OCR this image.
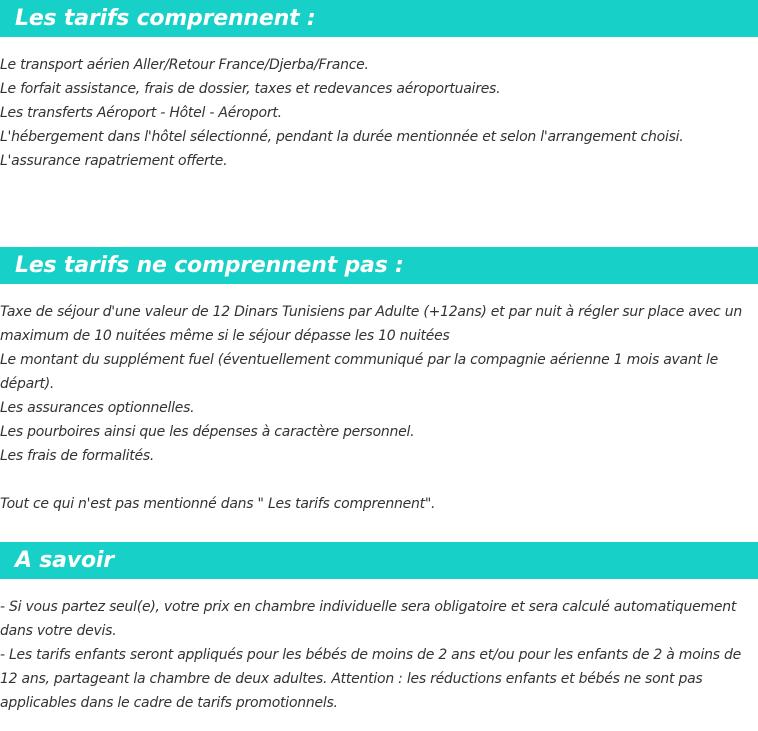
Les tarifs comprennent :

Le transport aérien Aller/Retour France/Djerba/France.

Le forfait assistance, frais de dossier, taxes et redevances aéroportuaires.

Les transferts Aéroport - Hôtel - Aéroport.

L'hébergement dans l'hôtel sélectionné, pendant la durée mentionnée et selon l'arrangement choisi.

L'assurance rapatriement offerte.

Les tarifs ne comprennent pas :

Taxe de séjour d'une valeur de 12 Dinars Tunisiens par Adulte (+12ans) et par nuit à régler sur place avec un maximum de 10 nuitées même si le séjour dépasse les 10 nuitées

Le montant du supplément fuel (éventuellement communiqué par la compagnie aérienne 1 mois avant le départ).

Les assurances optionnelles.

Les pourboires ainsi que les dépenses à caractère personnel.

Les frais de formalités.

Tout ce qui n'est pas mentionné dans " Les tarifs comprennent".

A savoir

- Si vous partez seul(e), votre prix en chambre individuelle sera obligatoire et sera calculé automatiquement dans votre devis.

- Les tarifs enfants seront appliqués pour les bébés de moins de 2 ans et/ou pour les enfants de 2 à moins de 12 ans, partageant la chambre de deux adultes. Attention : les réductions enfants et bébés ne sont pas applicables dans le cadre de tarifs promotionnels.
